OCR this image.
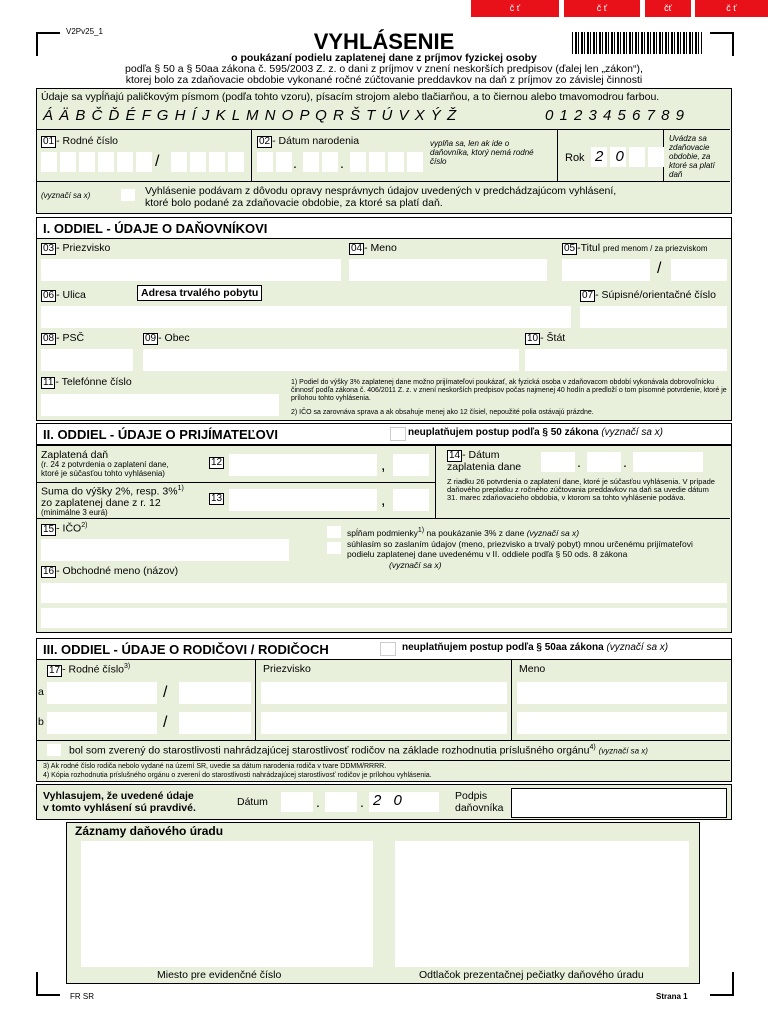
č ť	č ť	čť	č ť
V2Pv25_1	VYHLÁSENIE
o poukázaní podielu zaplatenej dane z príjmov fyzickej osoby
podľa § 50 a § 50aa zákona č. 595/2003 Z. z. o dani z príjmov v znení neskorších predpisov (ďalej len „zákon“),
ktorej bolo za zdaňovacie obdobie vykonané ročné zúčtovanie preddavkov na daň z príjmov zo závislej činnosti
Údaje sa vypĺňajú paličkovým písmom (podľa tohto vzoru), písacím strojom alebo tlačiarňou, a to čiernou alebo tmavomodrou farbou.
Á Ä B Č Ď É F G H Í J K L M N O P Q R Š T Ú V X Ý Ž	0 1 2 3 4 5 6 7 8 9
01 - Rodné číslo
/
02 - Dátum narodenia
.	.
vyplňa sa, len ak ide o daňovníka, ktorý nemá rodné číslo	Rok 2 0
Uvádza sa zdaňovacie obdobie, za ktoré sa platí daň
(vyznačí sa x)	Vyhlásenie podávam z dôvodu opravy nesprávnych údajov uvedených v predchádzajúcom vyhlásení,
ktoré bolo podané za zdaňovacie obdobie, za ktoré sa platí daň.
I. ODDIEL - ÚDAJE O DAŇOVNÍKOVI
03 - Priezvisko	04 - Meno	05 -Titul pred menom / za priezviskom
/
06 - Ulica	Adresa trvalého pobytu	07 - Súpisné/orientačné číslo
08 - PSČ	09 - Obec	10 - Štát
11 - Telefónne číslo	1) Podiel do výšky 3% zaplatenej dane možno prijímateľovi poukázať, ak fyzická osoba v zdaňovacom období vykonávala dobrovoľnícku činnosť podľa zákona č. 406/2011 Z. z. v znení neskorších predpisov počas najmenej 40 hodín a predloží o tom písomné potvrdenie, ktoré je prílohou tohto vyhlásenia.
2) IČO sa zarovnáva sprava a ak obsahuje menej ako 12 čísiel, nepoužité polia ostávajú prázdne.
II. ODDIEL - ÚDAJE O PRIJÍMATEĽOVI	neuplatňujem postup podľa § 50 zákona (vyznačí sa x)
Zaplatená daň
(r. 24 z potvrdenia o zaplatení dane,
ktoré je súčasťou tohto vyhlásenia)
12	,
Suma do výšky 2%, resp. 3%$^{1)}$
zo zaplatenej dane z r. 12
(minimálne 3 eurá)
13	,
14 - Dátum
zaplatenia dane	.	.
Z riadku 26 potvrdenia o zaplatení dane, ktoré je súčasťou vyhlásenia. V prípade daňového preplatku z ročného zúčtovania preddavkov na daň sa uvedie dátum 31. marec zdaňovacieho obdobia, v ktorom sa tohto vyhlásenie podáva.
15 - IČO$^{2)}$
spĺňam podmienky$^{1)}$ na poukázanie 3% z dane (vyznačí sa x)
súhlasím so zaslaním údajov (meno, priezvisko a trvalý pobyt) mnou určenému prijímateľovi podielu zaplatenej dane uvedenému v II. oddiele podľa § 50 ods. 8 zákona
(vyznačí sa x)
16 - Obchodné meno (názov)
III. ODDIEL - ÚDAJE O RODIČOVI / RODIČOCH	neuplatňujem postup podľa § 50aa zákona (vyznačí sa x)
17 - Rodné číslo$^{3)}$	Priezvisko	Meno
a	/
b	/
bol som zverený do starostlivosti nahrádzajúcej starostlivosť rodičov na základe rozhodnutia príslušného orgánu$^{4)}$ (vyznačí sa x)
3) Ak rodné číslo rodiča nebolo vydané na území SR, uvedie sa dátum narodenia rodiča v tvare DDMM/RRRR.
4) Kópia rozhodnutia príslušného orgánu o zverení do starostlivosti nahrádzajúcej starostlivosť rodičov je prílohou vyhlásenia.
Vyhlasujem, že uvedené údaje
v tomto vyhlásení sú pravdivé.	Dátum	.	. 2 0	Podpis
daňovníka
Záznamy daňového úradu
Miesto pre evidenčné číslo	Odtlačok prezentačnej pečiatky daňového úradu
FR SR	Strana 1
